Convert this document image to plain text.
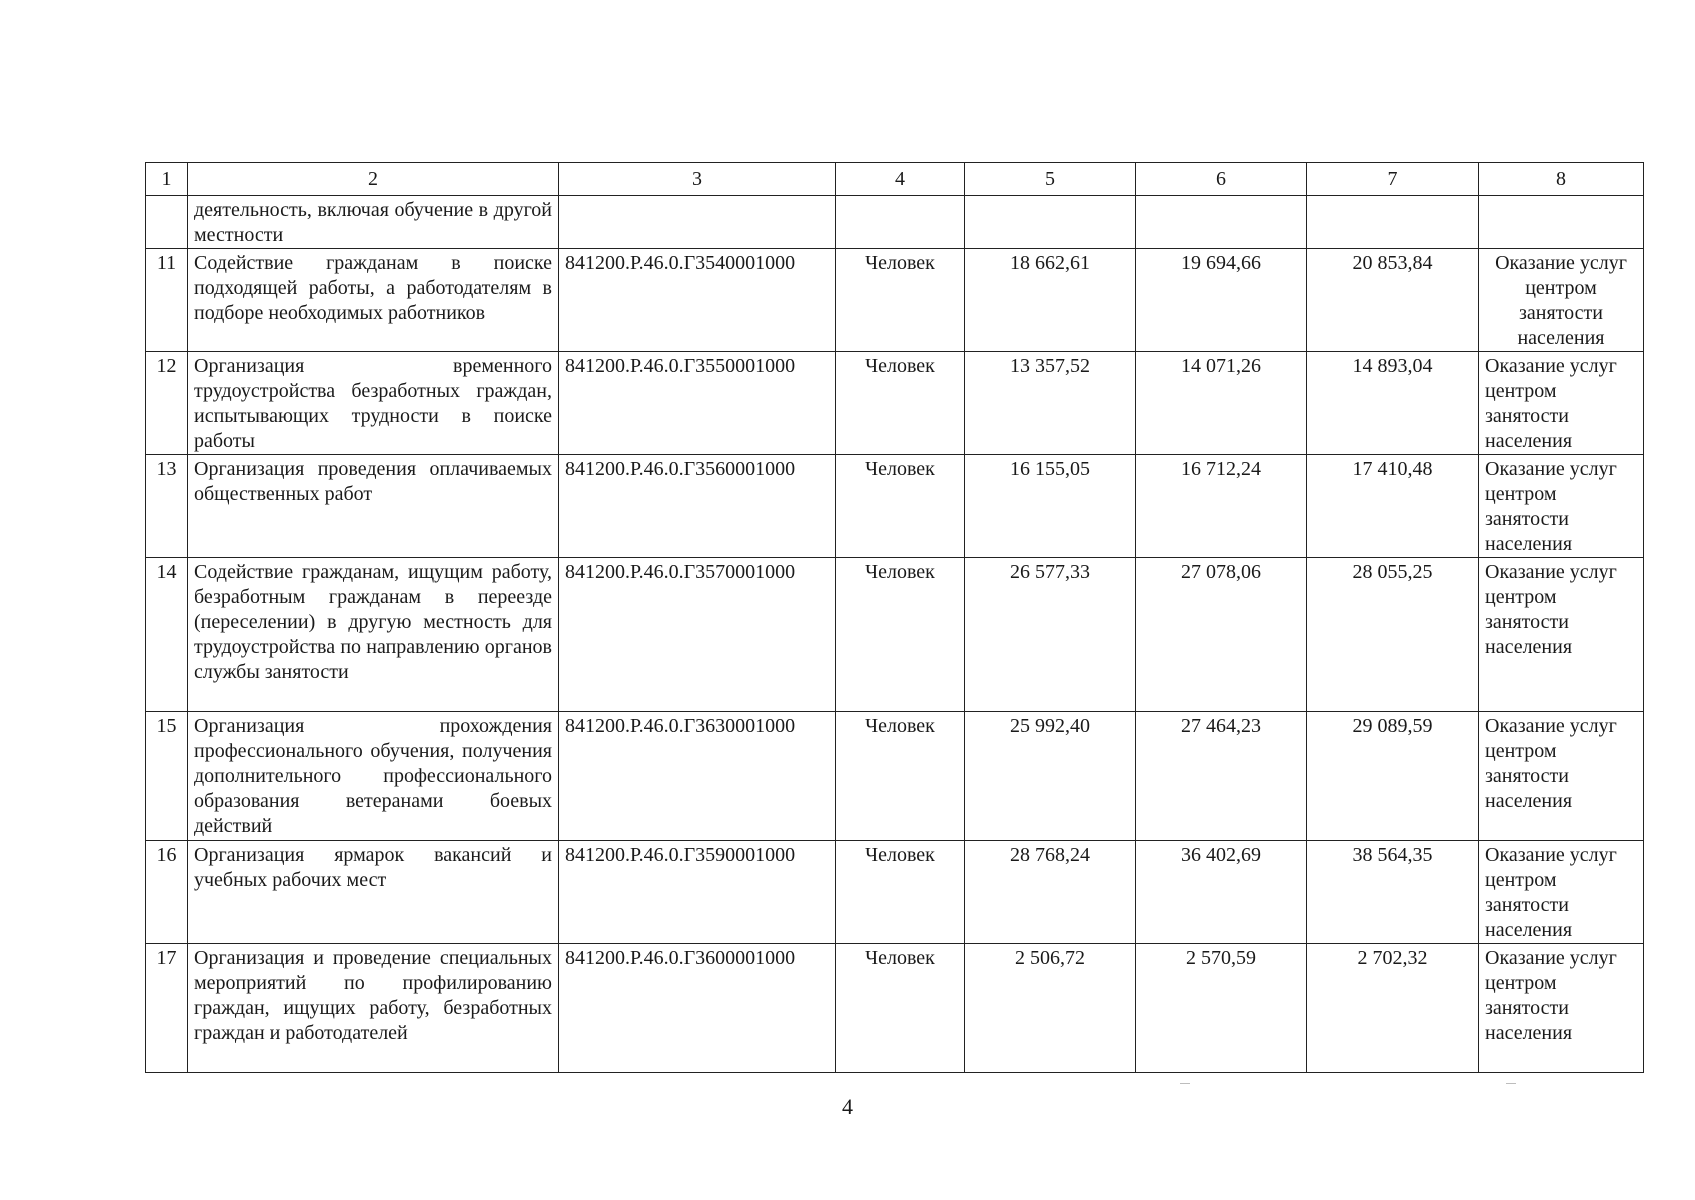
1	2	3	4	5	6	7	8
	деятельность, включая обучение в другой местности						
11	Содействие гражданам в поиске подходящей работы, а работодателям в подборе необходимых работников	841200.Р.46.0.Г3540001000	Человек	18 662,61	19 694,66	20 853,84	Оказание услуг центром занятости населения
12	Организация временного трудоустройства безработных граждан, испытывающих трудности в поиске работы	841200.Р.46.0.Г3550001000	Человек	13 357,52	14 071,26	14 893,04	Оказание услуг центром занятости населения
13	Организация проведения оплачиваемых общественных работ	841200.Р.46.0.Г3560001000	Человек	16 155,05	16 712,24	17 410,48	Оказание услуг центром занятости населения
14	Содействие гражданам, ищущим работу, безработным гражданам в переезде (переселении) в другую местность для трудоустройства по направлению органов службы занятости	841200.Р.46.0.Г3570001000	Человек	26 577,33	27 078,06	28 055,25	Оказание услуг центром занятости населения
15	Организация прохождения профессионального обучения, получения дополнительного профессионального образования ветеранами боевых действий	841200.Р.46.0.Г3630001000	Человек	25 992,40	27 464,23	29 089,59	Оказание услуг центром занятости населения
16	Организация ярмарок вакансий и учебных рабочих мест	841200.Р.46.0.Г3590001000	Человек	28 768,24	36 402,69	38 564,35	Оказание услуг центром занятости населения
17	Организация и проведение специальных мероприятий по профилированию граждан, ищущих работу, безработных граждан и работодателей	841200.Р.46.0.Г3600001000	Человек	2 506,72	2 570,59	2 702,32	Оказание услуг центром занятости населения
4
